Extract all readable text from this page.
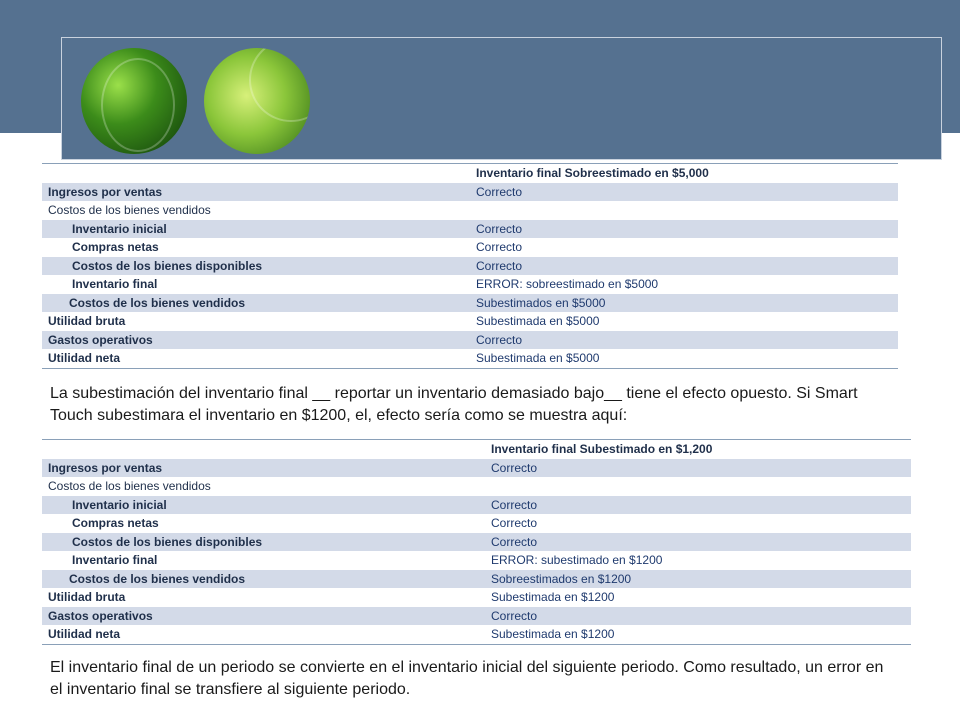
	Inventario final Sobreestimado en $5,000
Ingresos por ventas	Correcto
Costos de los bienes vendidos	
Inventario inicial	Correcto
Compras netas	Correcto
Costos de los bienes disponibles	Correcto
Inventario final	ERROR: sobreestimado en $5000
Costos de los bienes vendidos	Subestimados en $5000
Utilidad bruta	Subestimada en $5000
Gastos operativos	Correcto
Utilidad neta	Subestimada en $5000
La subestimación del inventario final __ reportar un inventario demasiado bajo__ tiene el efecto opuesto. Si Smart Touch subestimara el inventario en $1200, el, efecto sería como se muestra aquí:
	Inventario final Subestimado en $1,200
Ingresos por ventas	Correcto
Costos de los bienes vendidos	
Inventario inicial	Correcto
Compras netas	Correcto
Costos de los bienes disponibles	Correcto
Inventario final	ERROR: subestimado en $1200
Costos de los bienes vendidos	Sobreestimados en $1200
Utilidad bruta	Subestimada en $1200
Gastos operativos	Correcto
Utilidad neta	Subestimada en $1200
El inventario final de un periodo se convierte en el inventario inicial del siguiente periodo. Como resultado, un error en el inventario final se transfiere al siguiente periodo.
